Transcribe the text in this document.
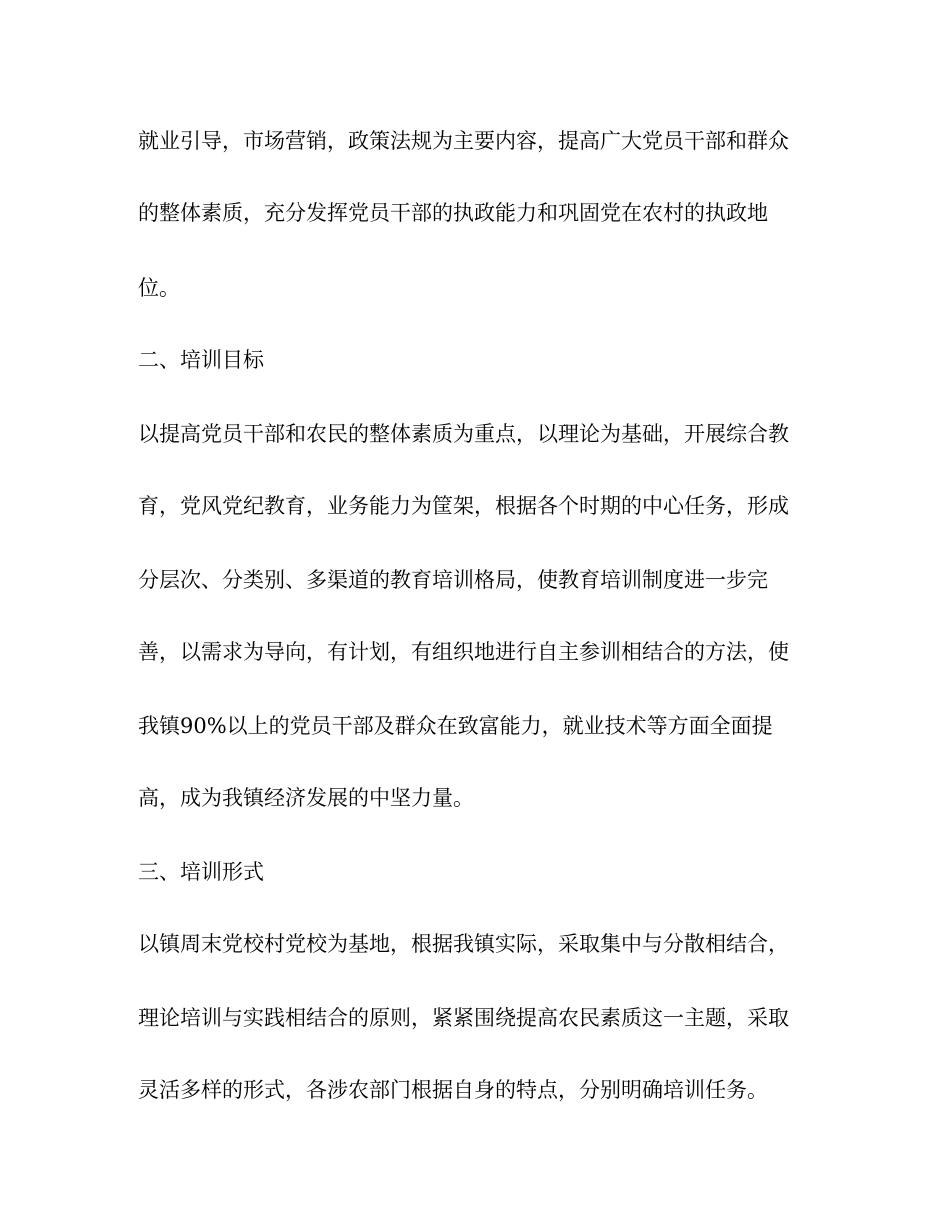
就业引导，市场营销，政策法规为主要内容，提高广大党员干部和群众
的整体素质，充分发挥党员干部的执政能力和巩固党在农村的执政地
位。
二、培训目标
以提高党员干部和农民的整体素质为重点，以理论为基础，开展综合教
育，党风党纪教育，业务能力为筐架，根据各个时期的中心任务，形成
分层次、分类别、多渠道的教育培训格局，使教育培训制度进一步完
善，以需求为导向，有计划，有组织地进行自主参训相结合的方法，使
我镇90%以上的党员干部及群众在致富能力，就业技术等方面全面提
高，成为我镇经济发展的中坚力量。
三、培训形式
以镇周末党校村党校为基地，根据我镇实际，采取集中与分散相结合，
理论培训与实践相结合的原则，紧紧围绕提高农民素质这一主题，采取
灵活多样的形式，各涉农部门根据自身的特点，分别明确培训任务。
